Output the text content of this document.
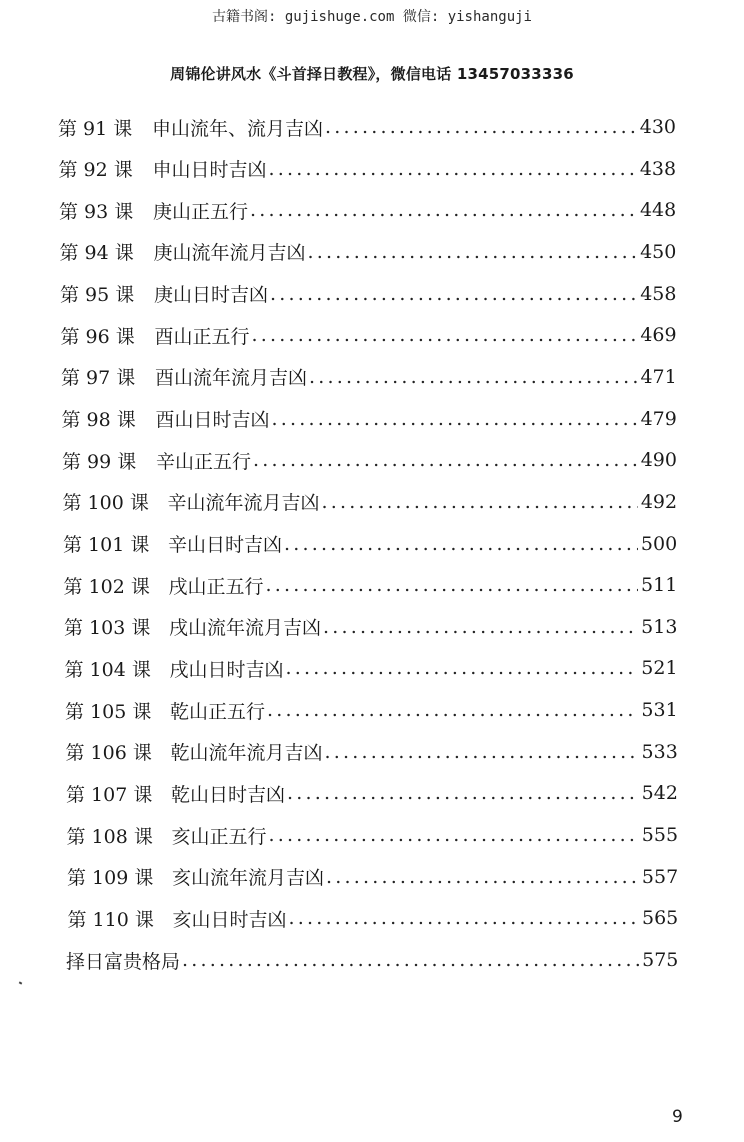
古籍书阁: gujishuge.com 微信: yishanguji
周锦伦讲风水《斗首择日教程》，微信电话 13457033336
第 91 课	申山流年、流月吉凶 .....	430
第 92 课	申山日时吉凶 .....	438
第 93 课	庚山正五行 .....	448
第 94 课	庚山流年流月吉凶 .....	450
第 95 课	庚山日时吉凶 .....	458
第 96 课	酉山正五行 .....	469
第 97 课	酉山流年流月吉凶 .....	471
第 98 课	酉山日时吉凶 .....	479
第 99 课	辛山正五行 .....	490
第 100 课 辛山流年流月吉凶 .....	492
第 101 课 辛山日时吉凶 .....	500
第 102 课 戌山正五行 .....	511
第 103 课 戌山流年流月吉凶 .....	513
第 104 课 戌山日时吉凶 .....	521
第 105 课 乾山正五行 .....	531
第 106 课 乾山流年流月吉凶 .....	533
第 107 课 乾山日时吉凶 .....	542
第 108 课 亥山正五行 .....	555
第 109 课 亥山流年流月吉凶 .....	557
第 110 课 亥山日时吉凶 .....	565
择日富贵格局 .....	575
9
